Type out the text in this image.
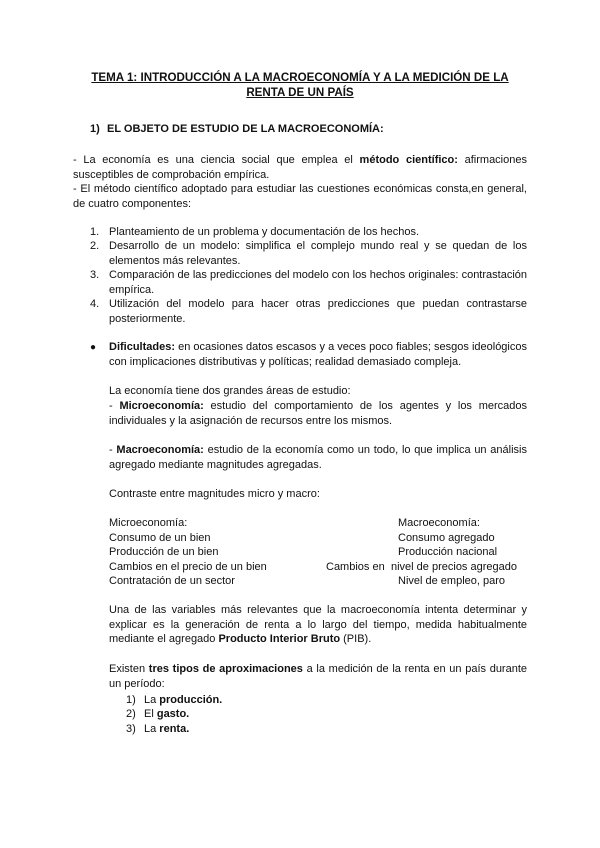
TEMA 1: INTRODUCCIÓN A LA MACROECONOMÍA Y A LA MEDICIÓN DE LA
RENTA DE UN PAÍS
1) EL OBJETO DE ESTUDIO DE LA MACROECONOMÍA:
- La economía es una ciencia social que emplea el método científico: afirmaciones susceptibles de comprobación empírica.
- El método científico adoptado para estudiar las cuestiones económicas consta,en general, de cuatro componentes:
1. Planteamiento de un problema y documentación de los hechos.
2. Desarrollo de un modelo: simplifica el complejo mundo real y se quedan de los elementos más relevantes.
3. Comparación de las predicciones del modelo con los hechos originales: contrastación empírica.
4. Utilización del modelo para hacer otras predicciones que puedan contrastarse posteriormente.
● Dificultades: en ocasiones datos escasos y a veces poco fiables; sesgos ideológicos con implicaciones distributivas y políticas; realidad demasiado compleja.
La economía tiene dos grandes áreas de estudio:
- Microeconomía: estudio del comportamiento de los agentes y los mercados individuales y la asignación de recursos entre los mismos.
- Macroeconomía: estudio de la economía como un todo, lo que implica un análisis agregado mediante magnitudes agregadas.
Contraste entre magnitudes micro y macro:
Microeconomía:	Macroeconomía:
Consumo de un bien	Consumo agregado
Producción de un bien	Producción nacional
Cambios en el precio de un bien	Cambios en nivel de precios agregado
Contratación de un sector	Nivel de empleo, paro
Una de las variables más relevantes que la macroeconomía intenta determinar y explicar es la generación de renta a lo largo del tiempo, medida habitualmente mediante el agregado Producto Interior Bruto (PIB).
Existen tres tipos de aproximaciones a la medición de la renta en un país durante un período:
1) La producción.
2) El gasto.
3) La renta.
